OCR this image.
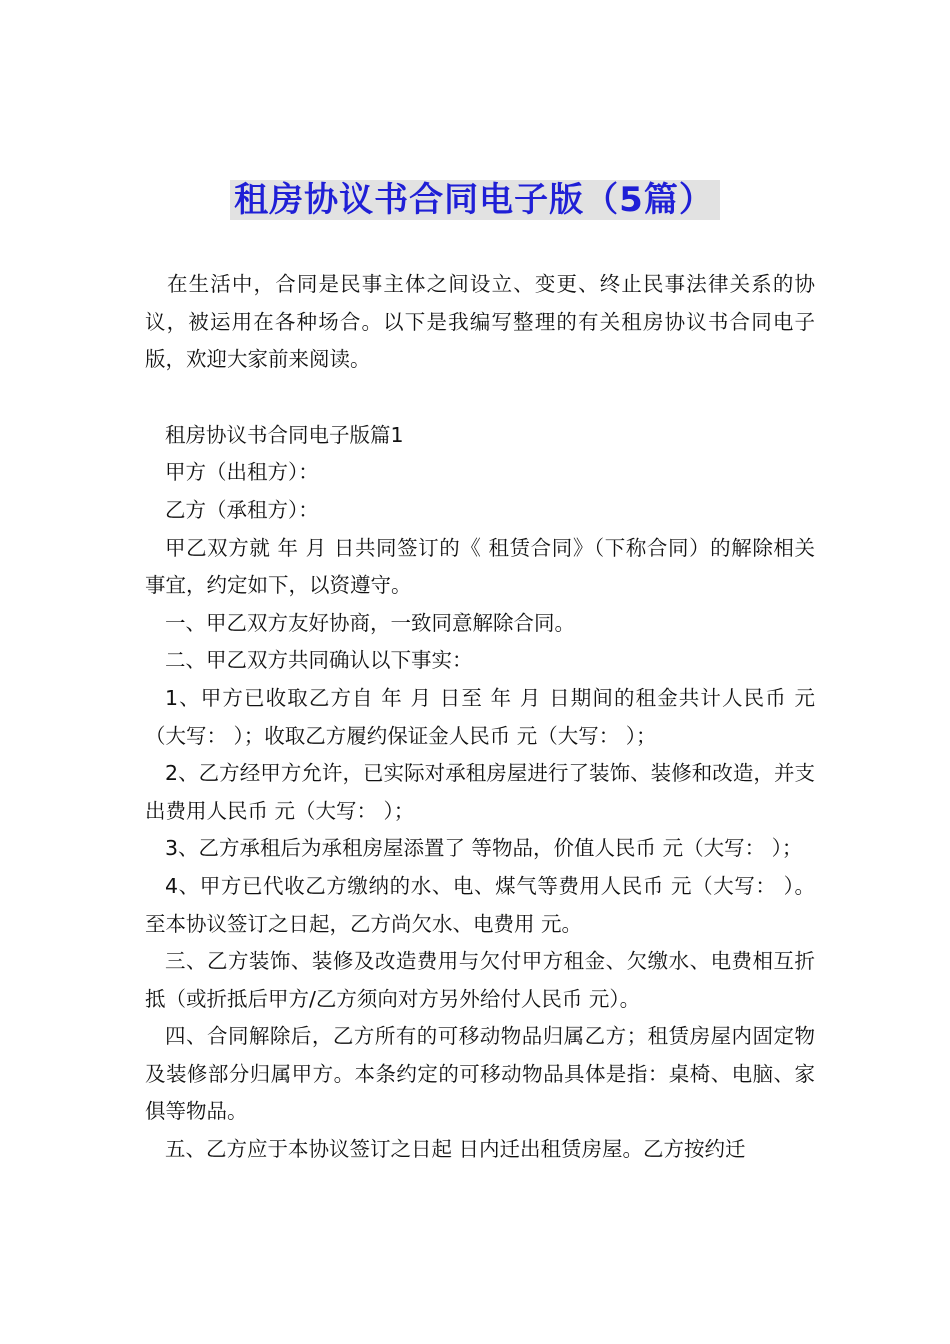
租房协议书合同电子版（5篇）

在生活中，合同是民事主体之间设立、变更、终止民事法律关系的协议，被运用在各种场合。以下是我编写整理的有关租房协议书合同电子版，欢迎大家前来阅读。

租房协议书合同电子版篇1

甲方（出租方）：

乙方（承租方）：

甲乙双方就 年 月 日共同签订的《 租赁合同》（下称合同）的解除相关事宜，约定如下，以资遵守。

一、甲乙双方友好协商，一致同意解除合同。

二、甲乙双方共同确认以下事实：

1、甲方已收取乙方自 年 月 日至 年 月 日期间的租金共计人民币 元（大写： ）；收取乙方履约保证金人民币 元（大写： ）；

2、乙方经甲方允许，已实际对承租房屋进行了装饰、装修和改造，并支出费用人民币 元（大写： ）；

3、乙方承租后为承租房屋添置了 等物品，价值人民币 元（大写： ）；

4、甲方已代收乙方缴纳的水、电、煤气等费用人民币 元（大写： ）。至本协议签订之日起，乙方尚欠水、电费用 元。

三、乙方装饰、装修及改造费用与欠付甲方租金、欠缴水、电费相互折抵（或折抵后甲方/乙方须向对方另外给付人民币 元）。

四、合同解除后，乙方所有的可移动物品归属乙方；租赁房屋内固定物及装修部分归属甲方。本条约定的可移动物品具体是指：桌椅、电脑、家俱等物品。

五、乙方应于本协议签订之日起 日内迁出租赁房屋。乙方按约迁
